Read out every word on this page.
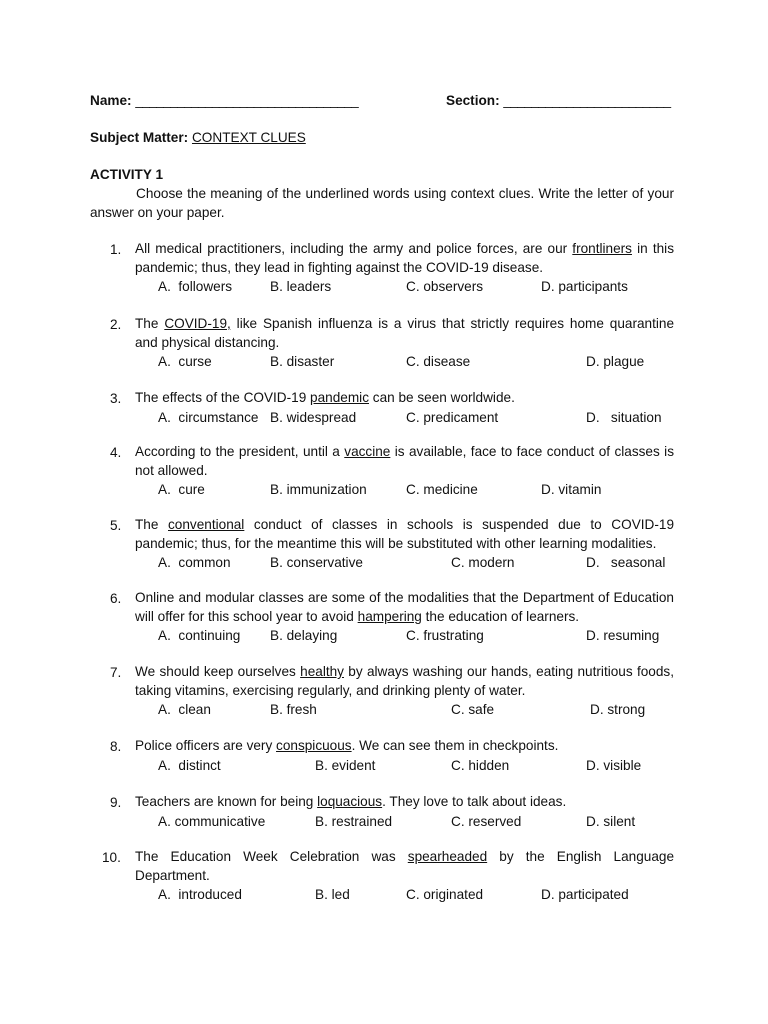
Name: ________________________________	Section: ________________________
Subject Matter: CONTEXT CLUES
ACTIVITY 1
Choose the meaning of the underlined words using context clues. Write the letter of your answer on your paper.
1. All medical practitioners, including the army and police forces, are our frontliners in this pandemic; thus, they lead in fighting against the COVID-19 disease.
A.  followers	B. leaders	C. observers	D. participants
2. The COVID-19, like Spanish influenza is a virus that strictly requires home quarantine and physical distancing.
A.  curse	B. disaster	C. disease	D. plague
3. The effects of the COVID-19 pandemic can be seen worldwide.
A.  circumstance B. widespread	C. predicament	D.   situation
4. According to the president, until a vaccine is available, face to face conduct of classes is not allowed.
A.  cure	B. immunization	C. medicine	D. vitamin
5. The conventional conduct of classes in schools is suspended due to COVID-19 pandemic; thus, for the meantime this will be substituted with other learning modalities.
A.  common	B. conservative	C. modern	D.   seasonal
6. Online and modular classes are some of the modalities that the Department of Education will offer for this school year to avoid hampering the education of learners.
A.  continuing B. delaying	C. frustrating	D. resuming
7. We should keep ourselves healthy by always washing our hands, eating nutritious foods, taking vitamins, exercising regularly, and drinking plenty of water.
A.  clean	B. fresh	C. safe	D. strong
8. Police officers are very conspicuous. We can see them in checkpoints.
A.  distinct	B. evident	C. hidden	D. visible
9. Teachers are known for being loquacious. They love to talk about ideas.
A. communicative	B. restrained	C. reserved	D. silent
10. The Education Week Celebration was spearheaded by the English Language Department.
A.  introduced	B. led	C. originated	D. participated
